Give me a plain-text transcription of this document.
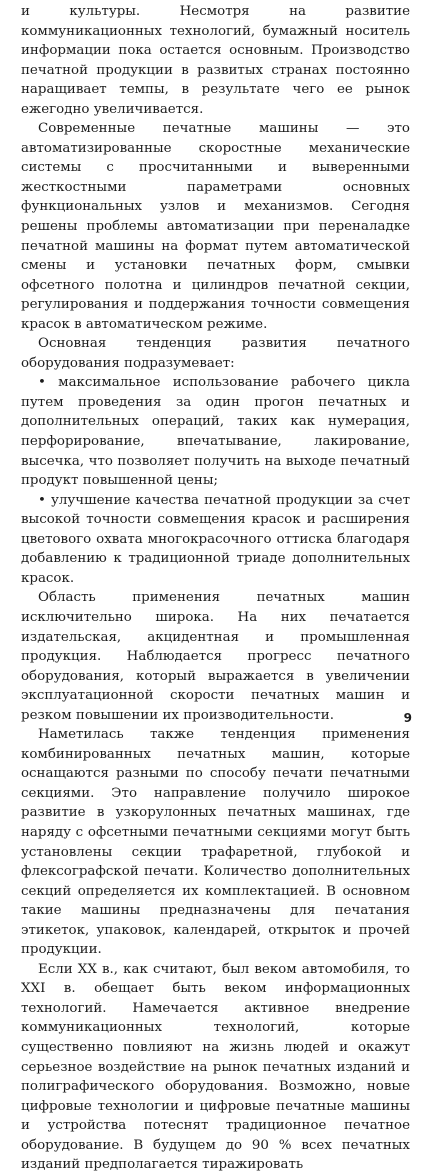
и культуры. Несмотря на развитие коммуникационных технологий, бумажный носитель информации пока остается основным. Производство печатной продукции в развитых странах постоянно наращивает темпы, в результате чего ее рынок ежегодно увеличивается.

Современные печатные машины — это автоматизированные скоростные механические системы с просчитанными и выверенными жесткостными параметрами основных функциональных узлов и механизмов. Сегодня решены проблемы автоматизации при переналадке печатной машины на формат путем автоматической смены и установки печатных форм, смывки офсетного полотна и цилиндров печатной секции, регулирования и поддержания точности совмещения красок в автоматическом режиме.

Основная тенденция развития печатного оборудования подразумевает:

• максимальное использование рабочего цикла путем проведения за один прогон печатных и дополнительных операций, таких как нумерация, перфорирование, впечатывание, лакирование, высечка, что позволяет получить на выходе печатный продукт повышенной цены;

• улучшение качества печатной продукции за счет высокой точности совмещения красок и расширения цветового охвата многокрасочного оттиска благодаря добавлению к традиционной триаде дополнительных красок.

Область применения печатных машин исключительно широка. На них печатается издательская, акцидентная и промышленная продукция. Наблюдается прогресс печатного оборудования, который выражается в увеличении эксплуатационной скорости печатных машин и резком повышении их производительности.

Наметилась также тенденция применения комбинированных печатных машин, которые оснащаются разными по способу печати печатными секциями. Это направление получило широкое развитие в узкорулонных печатных машинах, где наряду с офсетными печатными секциями могут быть установлены секции трафаретной, глубокой и флексографской печати. Количество дополнительных секций определяется их комплектацией. В основном такие машины предназначены для печатания этикеток, упаковок, календарей, открыток и прочей продукции.

Если XX в., как считают, был веком автомобиля, то XXI в. обещает быть веком информационных технологий. Намечается активное внедрение коммуникационных технологий, которые существенно повлияют на жизнь людей и окажут серьезное воздействие на рынок печатных изданий и полиграфического оборудования. Возможно, новые цифровые технологии и цифровые печатные машины и устройства потеснят традиционное печатное оборудование. В будущем до 90 % всех печатных изданий предполагается тиражировать

9
